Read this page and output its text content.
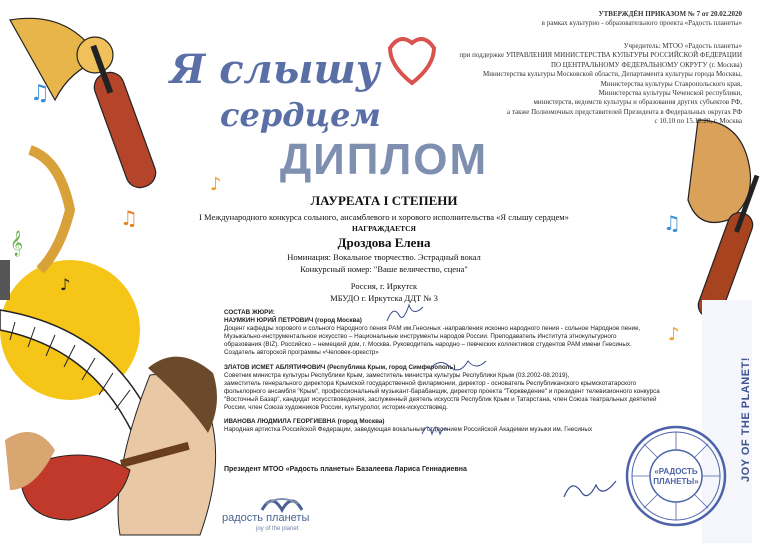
♫
♪
𝄞
♫
♪
♫
♪
Я слышу
сердцем
УТВЕРЖДЁН ПРИКАЗОМ № 7 от 20.02.2020
в рамках культурно - образовательного проекта «Радость планеты»
Учредитель: МТОО «Радость планеты»
при поддержке УПРАВЛЕНИЯ МИНИСТЕРСТВА КУЛЬТУРЫ РОССИЙСКОЙ ФЕДЕРАЦИИ
ПО ЦЕНТРАЛЬНОМУ ФЕДЕРАЛЬНОМУ ОКРУГУ (г. Москва)
Министерства культуры Московской области, Департамента культуры города Москвы,
Министерства культуры Ставропольского края,
Министерства культуры Чеченской республики,
министерств, ведомств культуры и образования других субъектов РФ,
а также Полномочных представителей Президента в Федеральных округах РФ
с 10.10 по 15.12.20, г. Москва
ДИПЛОМ
ЛАУРЕАТА I СТЕПЕНИ
I Международного конкурса сольного, ансамблевого и хорового исполнительства «Я слышу сердцем»
НАГРАЖДАЕТСЯ
Дроздова Елена
Номинация: Вокальное творчество. Эстрадный вокал
Конкурсный номер: "Ваше величество, сцена"
Россия, г. Иркутск
МБУДО г. Иркутска ДДТ № 3
СОСТАВ ЖЮРИ:
НАУМКИН ЮРИЙ ПЕТРОВИЧ (город Москва)
Доцент кафедры хорового и сольного Народного пения РАМ им.Гнесиных -направления исконно народного пения - сольное Народное пение,
Музыкально-инструментальное искусство – Национальные инструменты народов России. Преподаватель Института этнокультурного
образования (BIZ). Российско – немецкий дом, г. Москва. Руководитель народно – певческих коллективов студентов РАМ имени Гнесиных.
Создатель авторской программы «Человек-оркестр»
ЗЛАТОВ ИСМЕТ АБЛЯТИФОВИЧ (Республика Крым, город Симферополь)
Советник министра культуры Республики Крым, заместитель министра культуры Республики Крым (03.2002-08.2019),
заместитель генерального директора Крымской государственной филармонии, директор - основатель Республиканского крымскотатарского
фольклорного ансамбля "Крым", профессиональный музыкант-барабанщик, директор проекта "Тюркведение" и президент телевизионного конкурса
"Восточный Базар", кандидат искусствоведения, заслуженный деятель искусств Республик Крым и Татарстана, член Союза театральных деятелей
России, член Союза художников России, культуролог, историк-искусствовед.
ИВАНОВА ЛЮДМИЛА ГЕОРГИЕВНА (город Москва)
Народная артистка Российской Федерации, заведующая вокальным отделением Российской Академии музыки им. Гнесиных
Президент МТОО «Радость планеты» Базалеева Лариса Геннадиевна
радость планеты
joy of the planet
JOY OF THE PLANET!
«РАДОСТЬ
ПЛАНЕТЫ»
